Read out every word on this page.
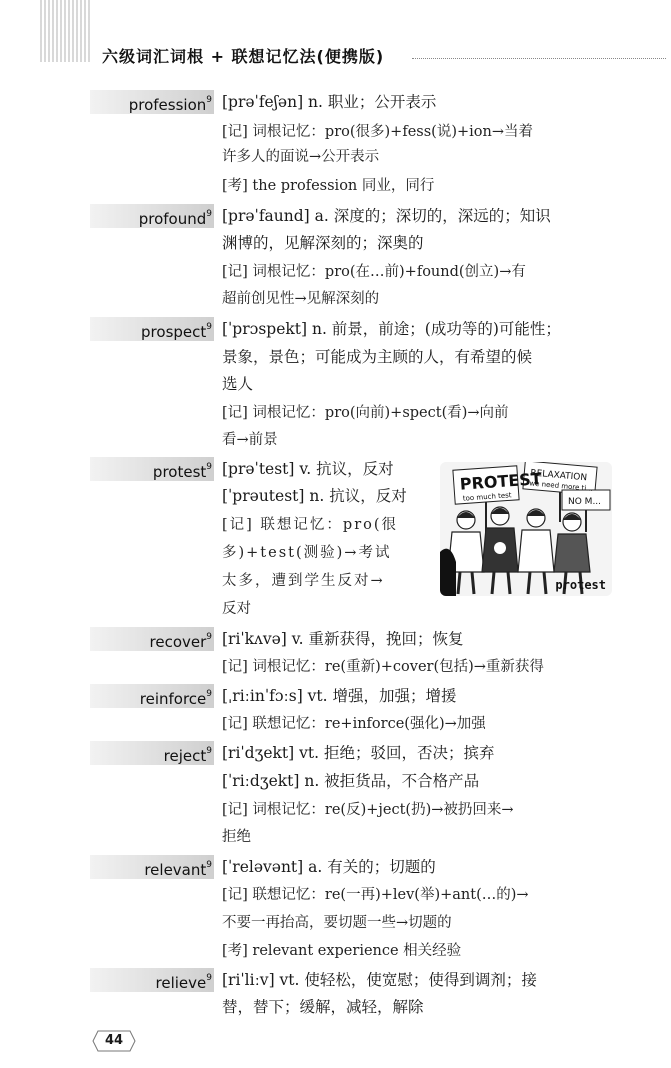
六级词汇词根 + 联想记忆法(便携版)
profession$^9$ [prəˈfeʃən] n. 职业；公开表示
[记] 词根记忆：pro(很多)+fess(说)+ion→当着
许多人的面说→公开表示
[考] the profession 同业，同行
profound$^9$ [prəˈfaund] a. 深度的；深切的，深远的；知识
渊博的，见解深刻的；深奥的
[记] 词根记忆：pro(在…前)+found(创立)→有
超前创见性→见解深刻的
prospect$^9$ [ˈprɔspekt] n. 前景，前途；(成功等的)可能性；
景象，景色；可能成为主顾的人，有希望的候
选人
[记] 词根记忆：pro(向前)+spect(看)→向前
看→前景
protest$^9$ [prəˈtest] v. 抗议，反对
[ˈprəutest] n. 抗议，反对
[记] 联想记忆：pro(很
多)+test(测验)→考试
太多，遭到学生反对→
反对
PROTEST
too much test
RELAXATION
we need more ti...
NO M...
protest
recover$^9$ [riˈkʌvə] v. 重新获得，挽回；恢复
[记] 词根记忆：re(重新)+cover(包括)→重新获得
reinforce$^9$ [ˌriːinˈfɔːs] vt. 增强，加强；增援
[记] 联想记忆：re+inforce(强化)→加强
reject$^9$ [riˈdʒekt] vt. 拒绝；驳回，否决；摈弃
[ˈriːdʒekt] n. 被拒货品，不合格产品
[记] 词根记忆：re(反)+ject(扔)→被扔回来→
拒绝
relevant$^9$ [ˈreləvənt] a. 有关的；切题的
[记] 联想记忆：re(一再)+lev(举)+ant(…的)→
不要一再抬高，要切题一些→切题的
[考] relevant experience 相关经验
relieve$^9$ [riˈliːv] vt. 使轻松，使宽慰；使得到调剂；接
替，替下；缓解，减轻，解除
44
